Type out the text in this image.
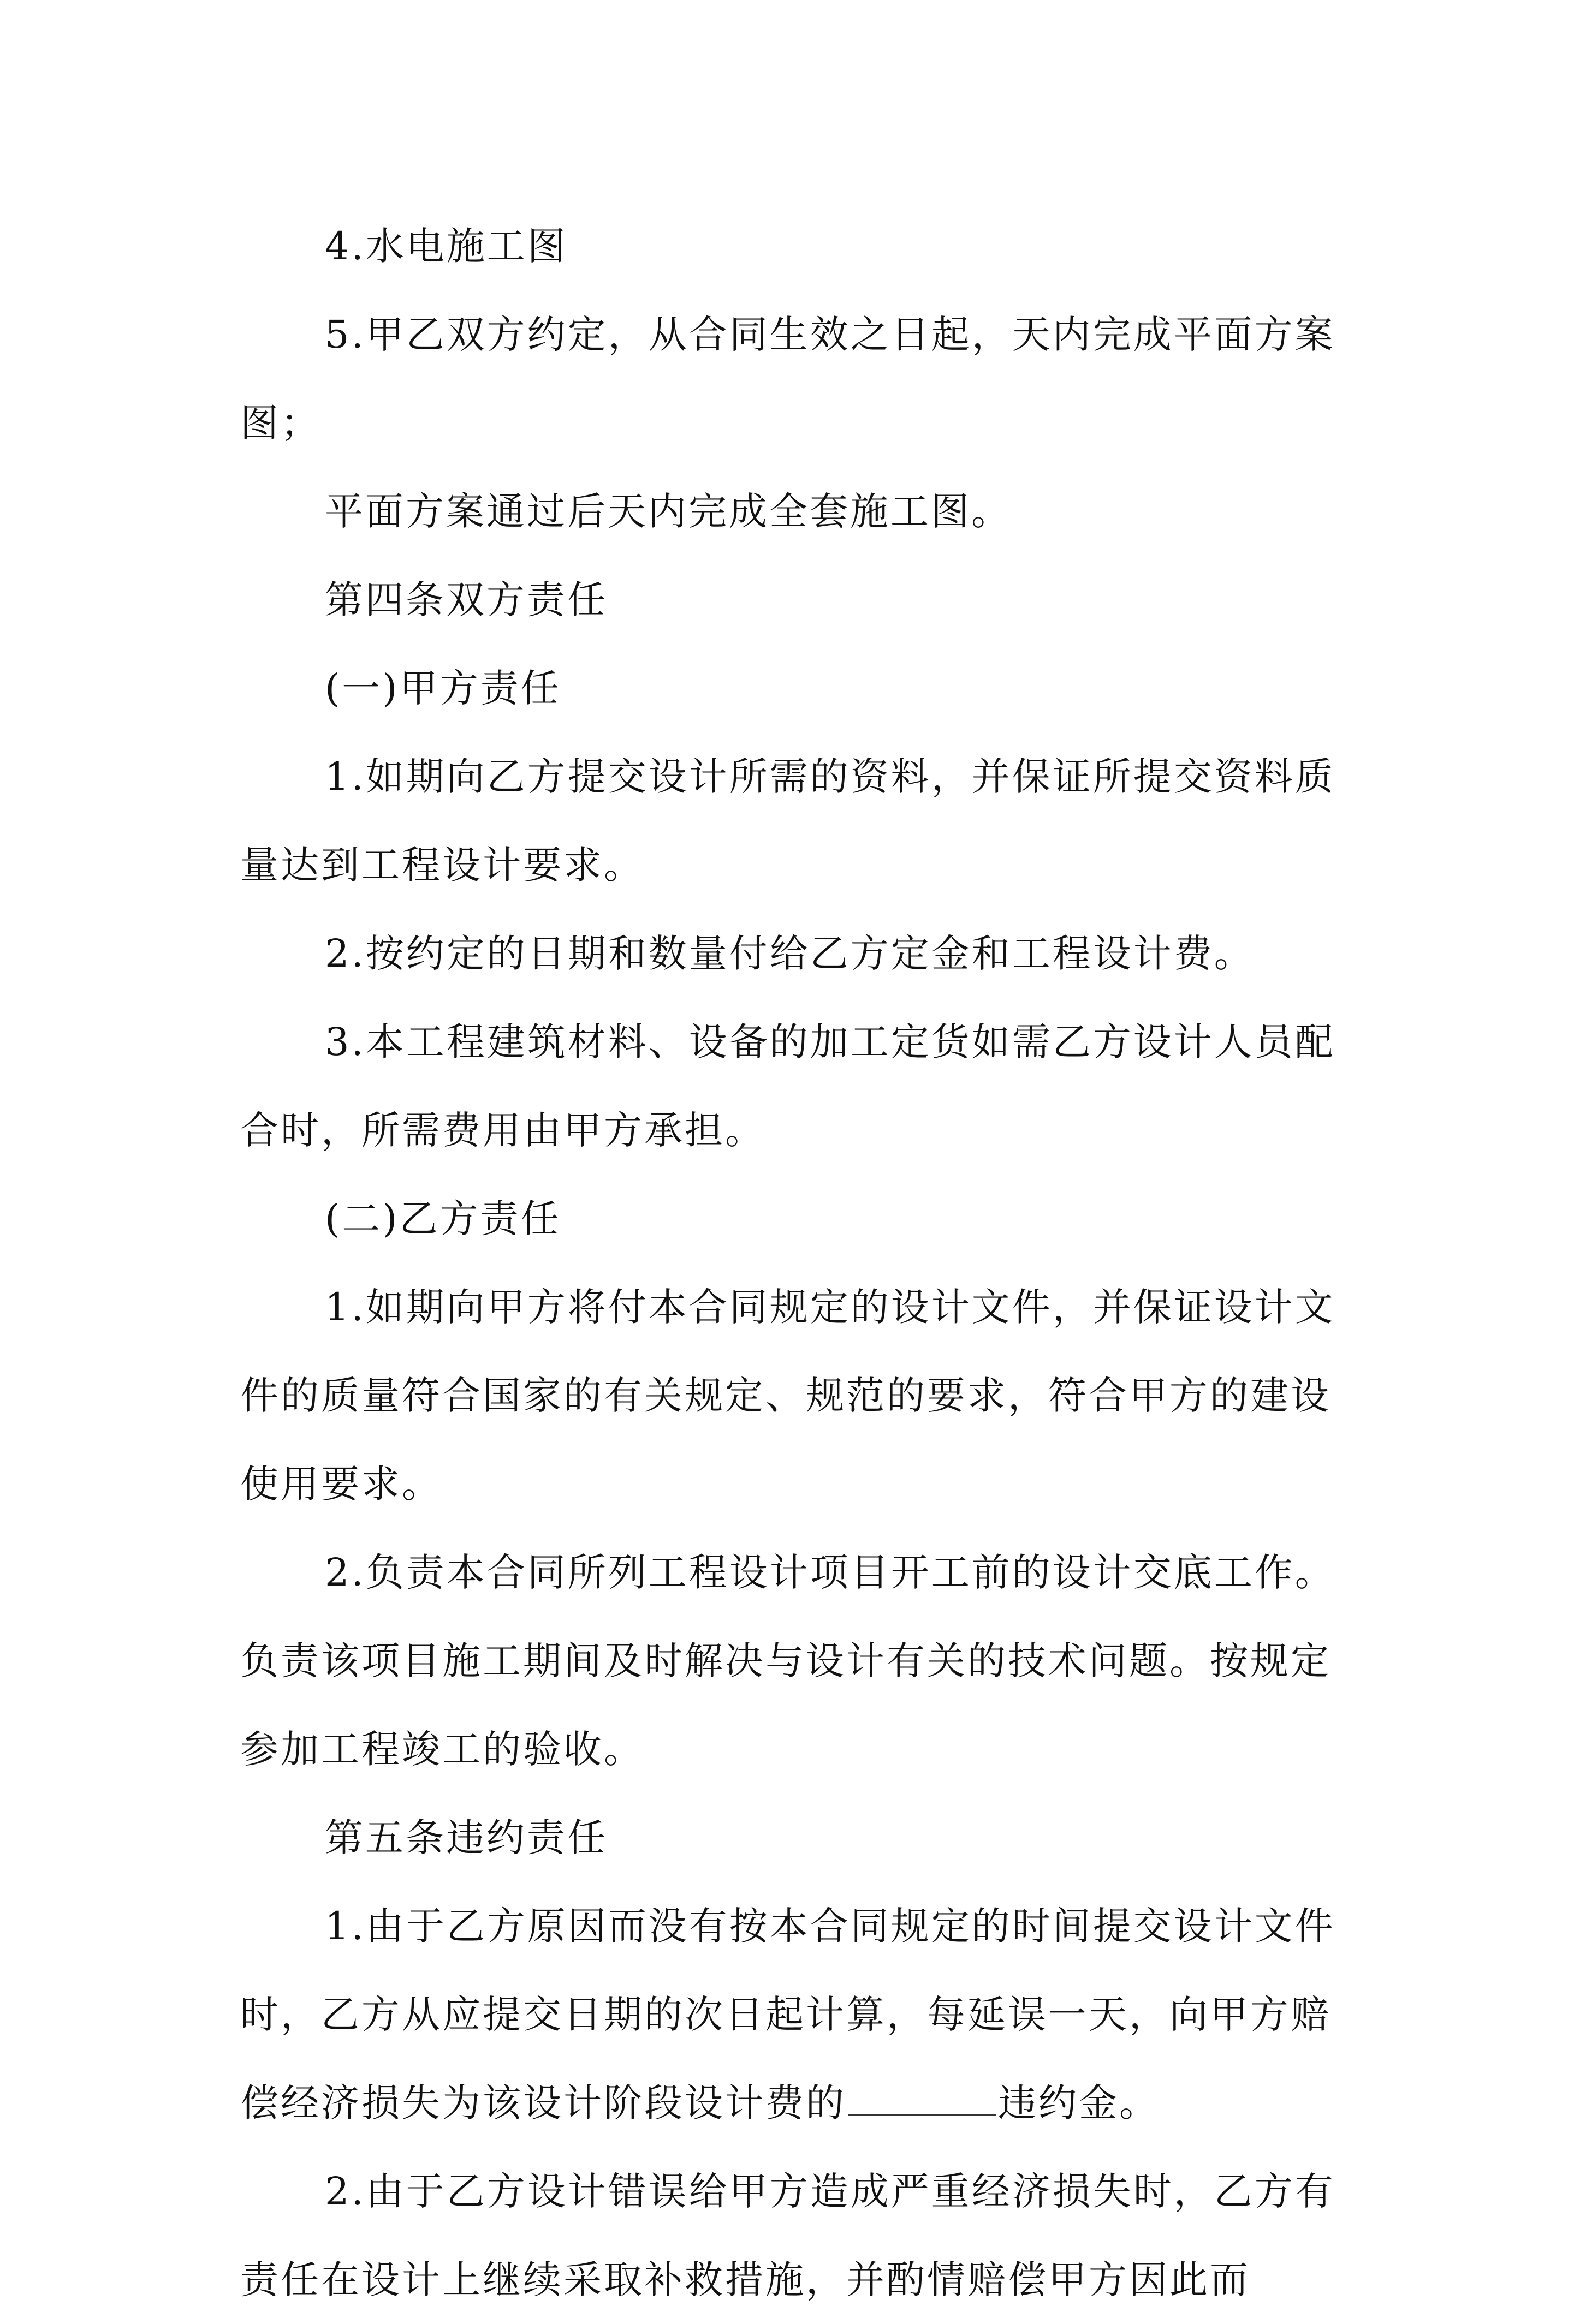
4.水电施工图

5.甲乙双方约定，从合同生效之日起，天内完成平面方案图；

平面方案通过后天内完成全套施工图。

第四条双方责任

(一)甲方责任

1.如期向乙方提交设计所需的资料，并保证所提交资料质量达到工程设计要求。

2.按约定的日期和数量付给乙方定金和工程设计费。

3.本工程建筑材料、设备的加工定货如需乙方设计人员配合时，所需费用由甲方承担。

(二)乙方责任

1.如期向甲方将付本合同规定的设计文件，并保证设计文件的质量符合国家的有关规定、规范的要求，符合甲方的建设使用要求。

2.负责本合同所列工程设计项目开工前的设计交底工作。负责该项目施工期间及时解决与设计有关的技术问题。按规定参加工程竣工的验收。

第五条违约责任

1.由于乙方原因而没有按本合同规定的时间提交设计文件时，乙方从应提交日期的次日起计算，每延误一天，向甲方赔偿经济损失为该设计阶段设计费的	违约金。

2.由于乙方设计错误给甲方造成严重经济损失时，乙方有责任在设计上继续采取补救措施，并酌情赔偿甲方因此而
